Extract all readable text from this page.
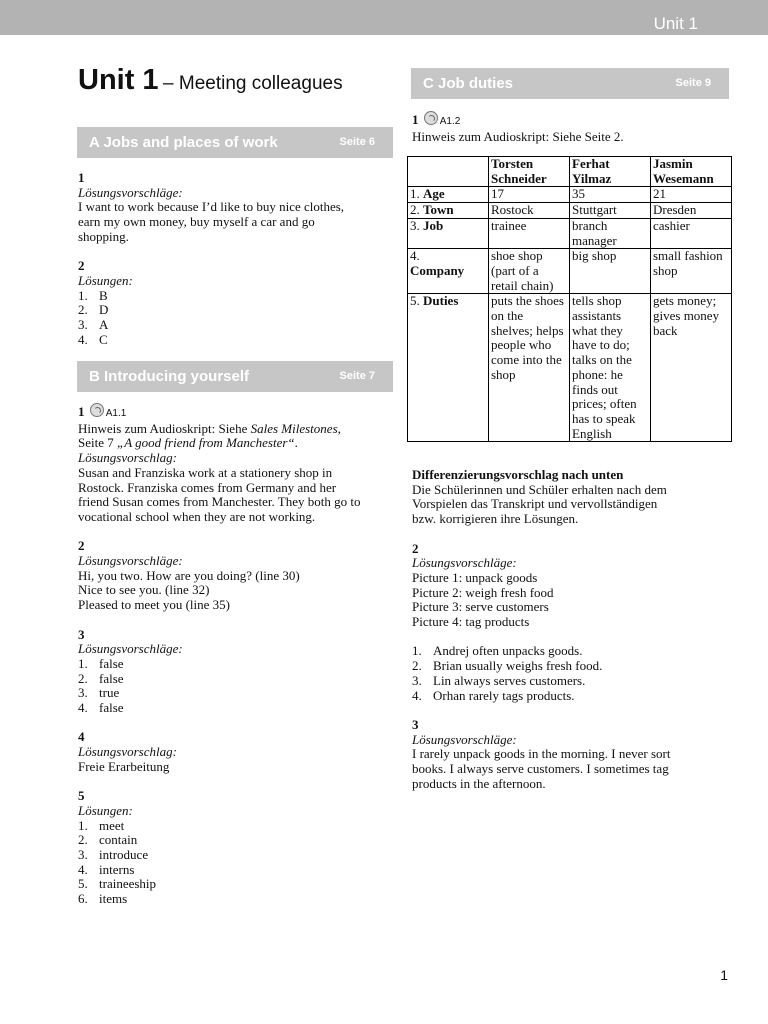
Unit 1
Unit 1 – Meeting colleagues
A Jobs and places of work	Seite 6

1

Lösungsvorschläge:

I want to work because I’d like to buy nice clothes,

earn my own money, buy myself a car and go

shopping.

2

Lösungen:

1. B

2. D

3. A

4. C

B Introducing yourself	Seite 7

1 A1.1

Hinweis zum Audioskript: Siehe Sales Milestones,

Seite 7 „A good friend from Manchester“.

Lösungsvorschlag:

Susan and Franziska work at a stationery shop in

Rostock. Franziska comes from Germany and her

friend Susan comes from Manchester. They both go to

vocational school when they are not working.

2

Lösungsvorschläge:

Hi, you two. How are you doing? (line 30)

Nice to see you. (line 32)

Pleased to meet you (line 35)

3

Lösungsvorschläge:

1. false

2. false

3. true

4. false

4

Lösungsvorschlag:

Freie Erarbeitung

5

Lösungen:

1. meet

2. contain

3. introduce

4. interns

5. traineeship

6. items

C Job duties	Seite 9

1 A1.2

Hinweis zum Audioskript: Siehe Seite 2.

	Torsten Schneider	Ferhat Yilmaz	Jasmin Wesemann
1. Age	17	35	21
2. Town	Rostock	Stuttgart	Dresden
3. Job	trainee	branch manager	cashier
4.
Company	shoe shop (part of a retail chain)	big shop	small fashion shop
5. Duties	puts the shoes on the shelves; helps people who come into the shop	tells shop assistants what they have to do; talks on the phone: he finds out prices; often has to speak English	gets money; gives money back

Differenzierungsvorschlag nach unten

Die Schülerinnen und Schüler erhalten nach dem

Vorspielen das Transkript und vervollständigen

bzw. korrigieren ihre Lösungen.

2

Lösungsvorschläge:

Picture 1: unpack goods

Picture 2: weigh fresh food

Picture 3: serve customers

Picture 4: tag products

1. Andrej often unpacks goods.

2. Brian usually weighs fresh food.

3. Lin always serves customers.

4. Orhan rarely tags products.

3

Lösungsvorschläge:

I rarely unpack goods in the morning. I never sort

books. I always serve customers. I sometimes tag

products in the afternoon.

1
